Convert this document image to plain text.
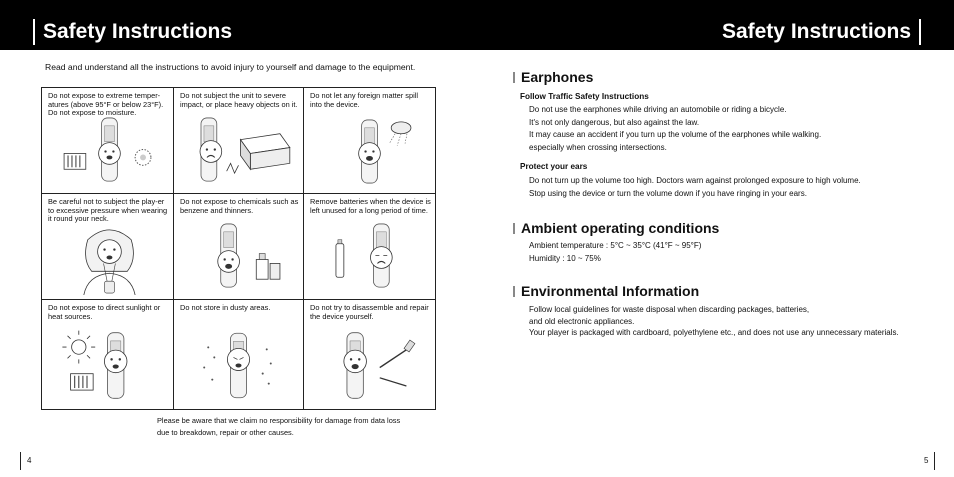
Safety Instructions	Safety Instructions
Read and understand all the instructions to avoid injury to yourself and damage to the equipment.
Do not expose to extreme temper-atures (above 95°F or below 23°F). Do not expose to moisture.
Do not subject the unit to severe impact, or place heavy objects on it.
Do not let any foreign matter spill into the device.
Be careful not to subject the play-er to excessive pressure when wearing it round your neck.
Do not expose to chemicals such as benzene and thinners.
Remove batteries when the device is left unused for a long period of time.
Do not expose to direct sunlight or heat sources.
Do not store in dusty areas.	Do not try to disassemble and repair the device yourself.
Please be aware that we claim no responsibility for damage from data loss
due to breakdown, repair or other causes.
4	5
Earphones
Follow Traffic Safety Instructions
Do not use the earphones while driving an automobile or riding a bicycle.
It's not only dangerous, but also against the law.
It may cause an accident if you turn up the volume of the earphones while walking.
especially when crossing intersections.
Protect your ears
Do not turn up the volume too high. Doctors warn against prolonged exposure to high volume.
Stop using the device or turn the volume down if you have ringing in your ears.
Ambient operating conditions
Ambient temperature : 5°C ~ 35°C (41°F ~ 95°F)
Humidity : 10 ~ 75%
Environmental Information
Follow local guidelines for waste disposal when discarding packages, batteries,
and old electronic appliances.
Your player is packaged with cardboard, polyethylene etc., and does not use any unnecessary materials.
